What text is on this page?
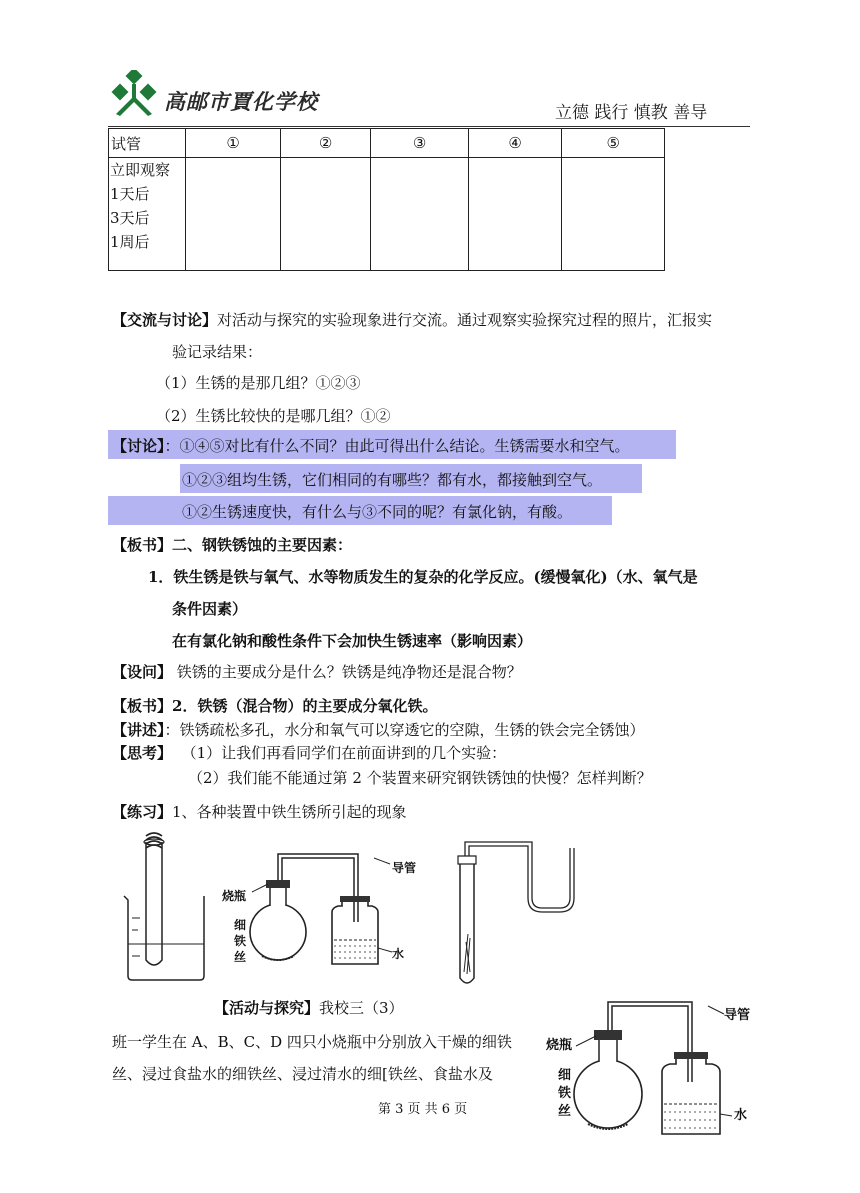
高邮市賈化学校	立德 践行 慎教 善导
试管	①	②	③	④	⑤

立即观察
1天后
3天后
1周后					

【交流与讨论】对活动与探究的实验现象进行交流。通过观察实验探究过程的照片，汇报实
验记录结果：
（1）生锈的是那几组？①②③
（2）生锈比较快的是哪几组？①②
【讨论】：①④⑤对比有什么不同？由此可得出什么结论。生锈需要水和空气。
①②③组均生锈，它们相同的有哪些？都有水，都接触到空气。
①②生锈速度快，有什么与③不同的呢？有氯化钠，有酸。
【板书】二、钢铁锈蚀的主要因素：
1．铁生锈是铁与氧气、水等物质发生的复杂的化学反应。(缓慢氧化)（水、氧气是
条件因素）
在有氯化钠和酸性条件下会加快生锈速率（影响因素）
【设问】 铁锈的主要成分是什么？铁锈是纯净物还是混合物？
【板书】2．铁锈（混合物）的主要成分氧化铁。
【讲述】：铁锈疏松多孔，水分和氧气可以穿透它的空隙，生锈的铁会完全锈蚀）
【思考】 （1）让我们再看同学们在前面讲到的几个实验：
（2）我们能不能通过第 2 个装置来研究钢铁锈蚀的快慢？怎样判断？
【练习】1、各种装置中铁生锈所引起的现象
烧瓶
导管
细
铁
丝	水
【活动与探究】我校三（3）
班一学生在 A、B、C、D 四只小烧瓶中分别放入干燥的细铁
丝、浸过食盐水的细铁丝、浸过清水的细[铁丝、食盐水及
烧瓶
导管
细
铁
丝	水
第 3 页 共 6 页
